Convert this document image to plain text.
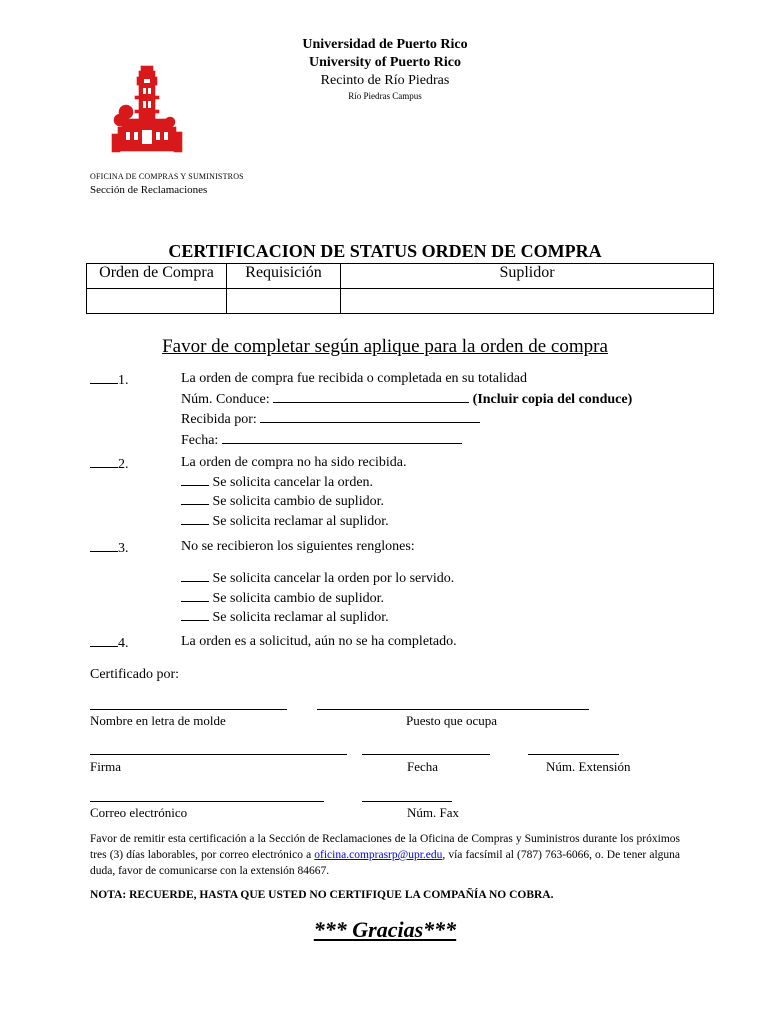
Universidad de Puerto Rico
University of Puerto Rico
Recinto de Río Piedras
Río Piedras Campus
OFICINA DE COMPRAS Y SUMINISTROS
Sección de Reclamaciones
CERTIFICACION DE STATUS ORDEN DE COMPRA
Orden de Compra	Requisición	Suplidor

Favor de completar según aplique para la orden de compra
1.	La orden de compra fue recibida o completada en su totalidad
Núm. Conduce:	(Incluir copia del conduce)
Recibida por:
Fecha:
2.	La orden de compra no ha sido recibida.
Se solicita cancelar la orden.
Se solicita cambio de suplidor.
Se solicita reclamar al suplidor.
3.	No se recibieron los siguientes renglones:
Se solicita cancelar la orden por lo servido.
Se solicita cambio de suplidor.
Se solicita reclamar al suplidor.
4.	La orden es a solicitud, aún no se ha completado.
Certificado por:
Nombre en letra de molde	Puesto que ocupa
Firma	Fecha	Núm. Extensión
Correo electrónico	Núm. Fax
Favor de remitir esta certificación a la Sección de Reclamaciones de la Oficina de Compras y Suministros durante los próximos tres (3) días laborables, por correo electrónico a oficina.comprasrp@upr.edu, vía facsímil al (787) 763-6066, o. De tener alguna duda, favor de comunicarse con la extensión 84667.
NOTA: RECUERDE, HASTA QUE USTED NO CERTIFIQUE LA COMPAÑÍA NO COBRA.
*** Gracias***
